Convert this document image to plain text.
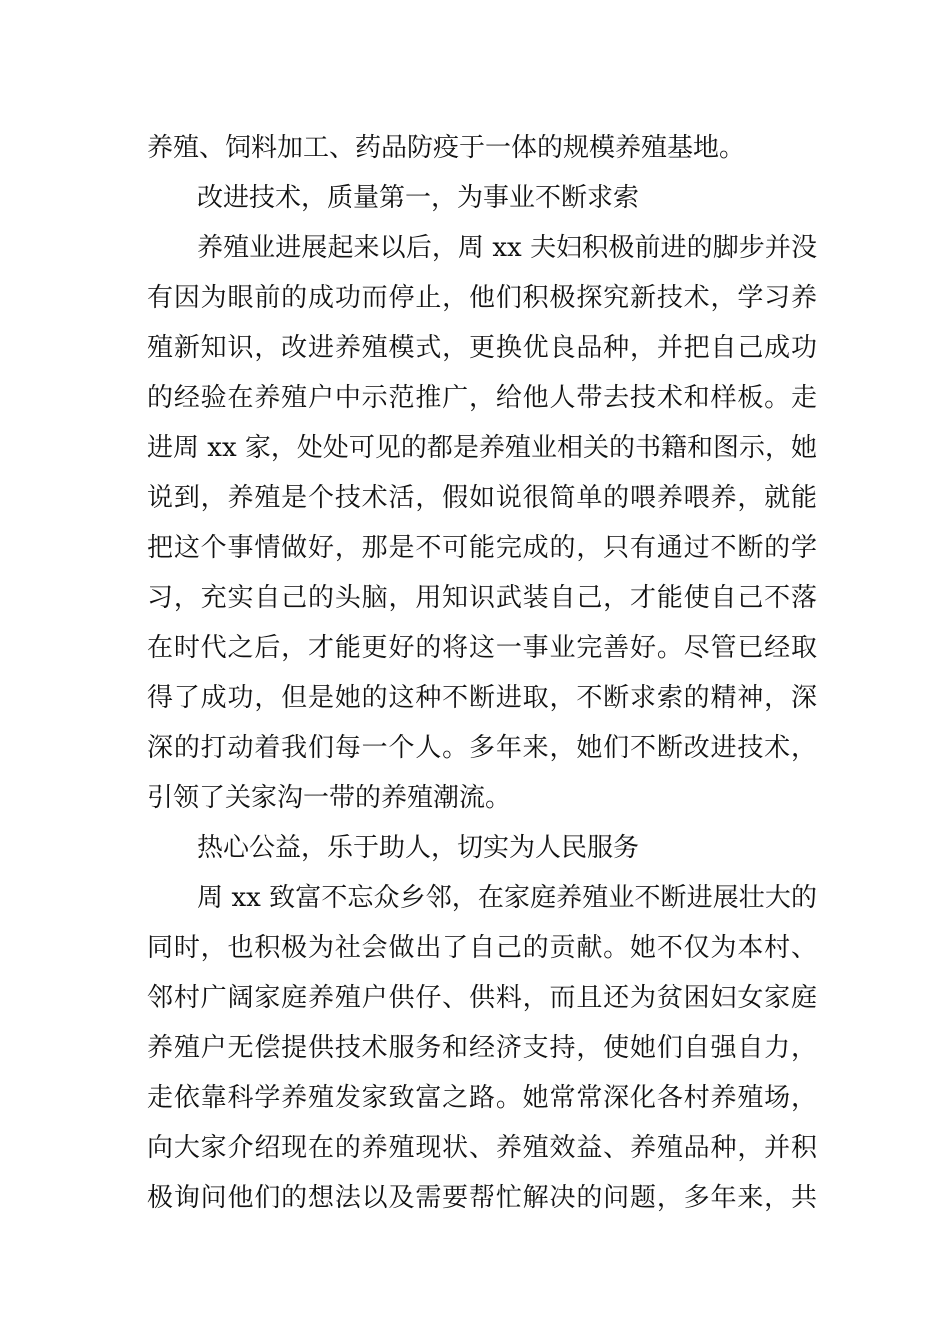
养殖、饲料加工、药品防疫于一体的规模养殖基地。
改进技术，质量第一，为事业不断求索
养殖业进展起来以后，周 xx 夫妇积极前进的脚步并没
有因为眼前的成功而停止，他们积极探究新技术，学习养
殖新知识，改进养殖模式，更换优良品种，并把自己成功
的经验在养殖户中示范推广，给他人带去技术和样板。走
进周 xx 家，处处可见的都是养殖业相关的书籍和图示，她
说到，养殖是个技术活，假如说很简单的喂养喂养，就能
把这个事情做好，那是不可能完成的，只有通过不断的学
习，充实自己的头脑，用知识武装自己，才能使自己不落
在时代之后，才能更好的将这一事业完善好。尽管已经取
得了成功，但是她的这种不断进取，不断求索的精神，深
深的打动着我们每一个人。多年来，她们不断改进技术，
引领了关家沟一带的养殖潮流。
热心公益，乐于助人，切实为人民服务
周 xx 致富不忘众乡邻，在家庭养殖业不断进展壮大的
同时，也积极为社会做出了自己的贡献。她不仅为本村、
邻村广阔家庭养殖户供仔、供料，而且还为贫困妇女家庭
养殖户无偿提供技术服务和经济支持，使她们自强自力，
走依靠科学养殖发家致富之路。她常常深化各村养殖场，
向大家介绍现在的养殖现状、养殖效益、养殖品种，并积
极询问他们的想法以及需要帮忙解决的问题，多年来，共
